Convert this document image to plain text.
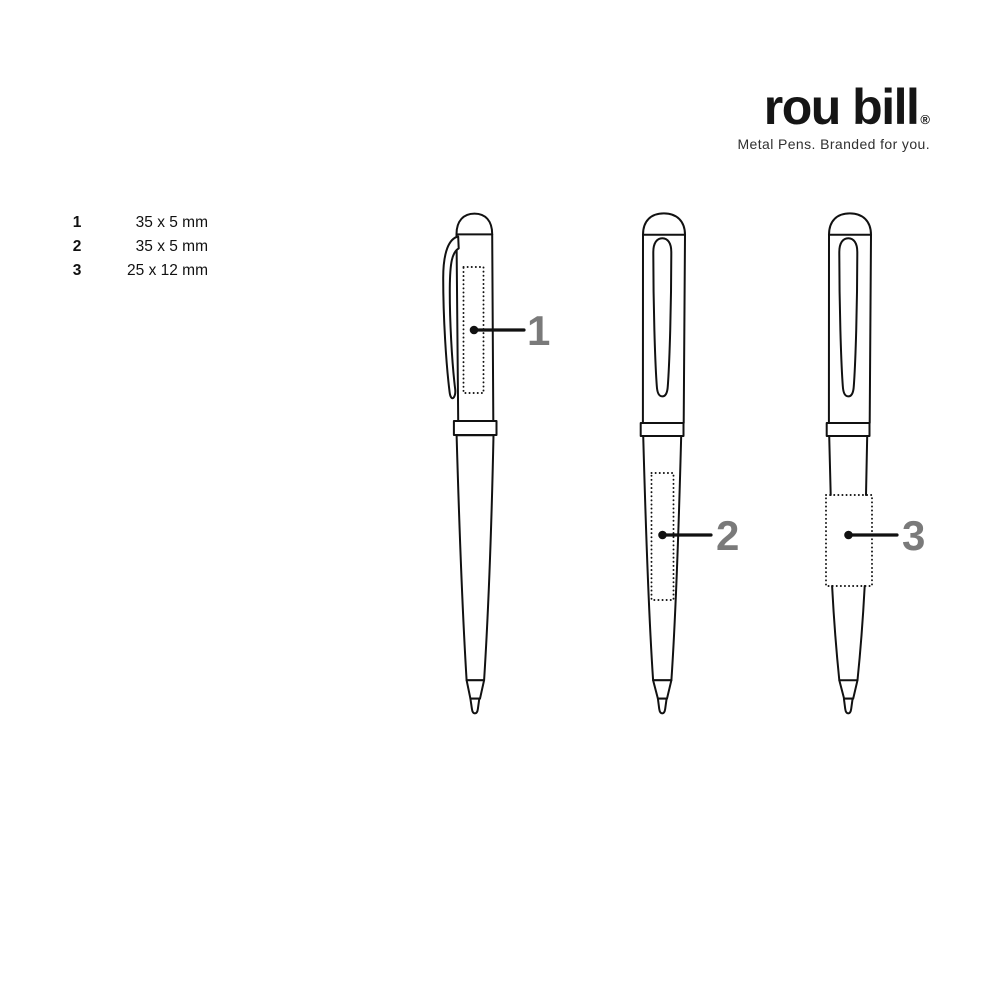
rou bill ®
Metal Pens. Branded for you.
1	35 x 5 mm
2	35 x 5 mm
3	25 x 12 mm
1
2	3
